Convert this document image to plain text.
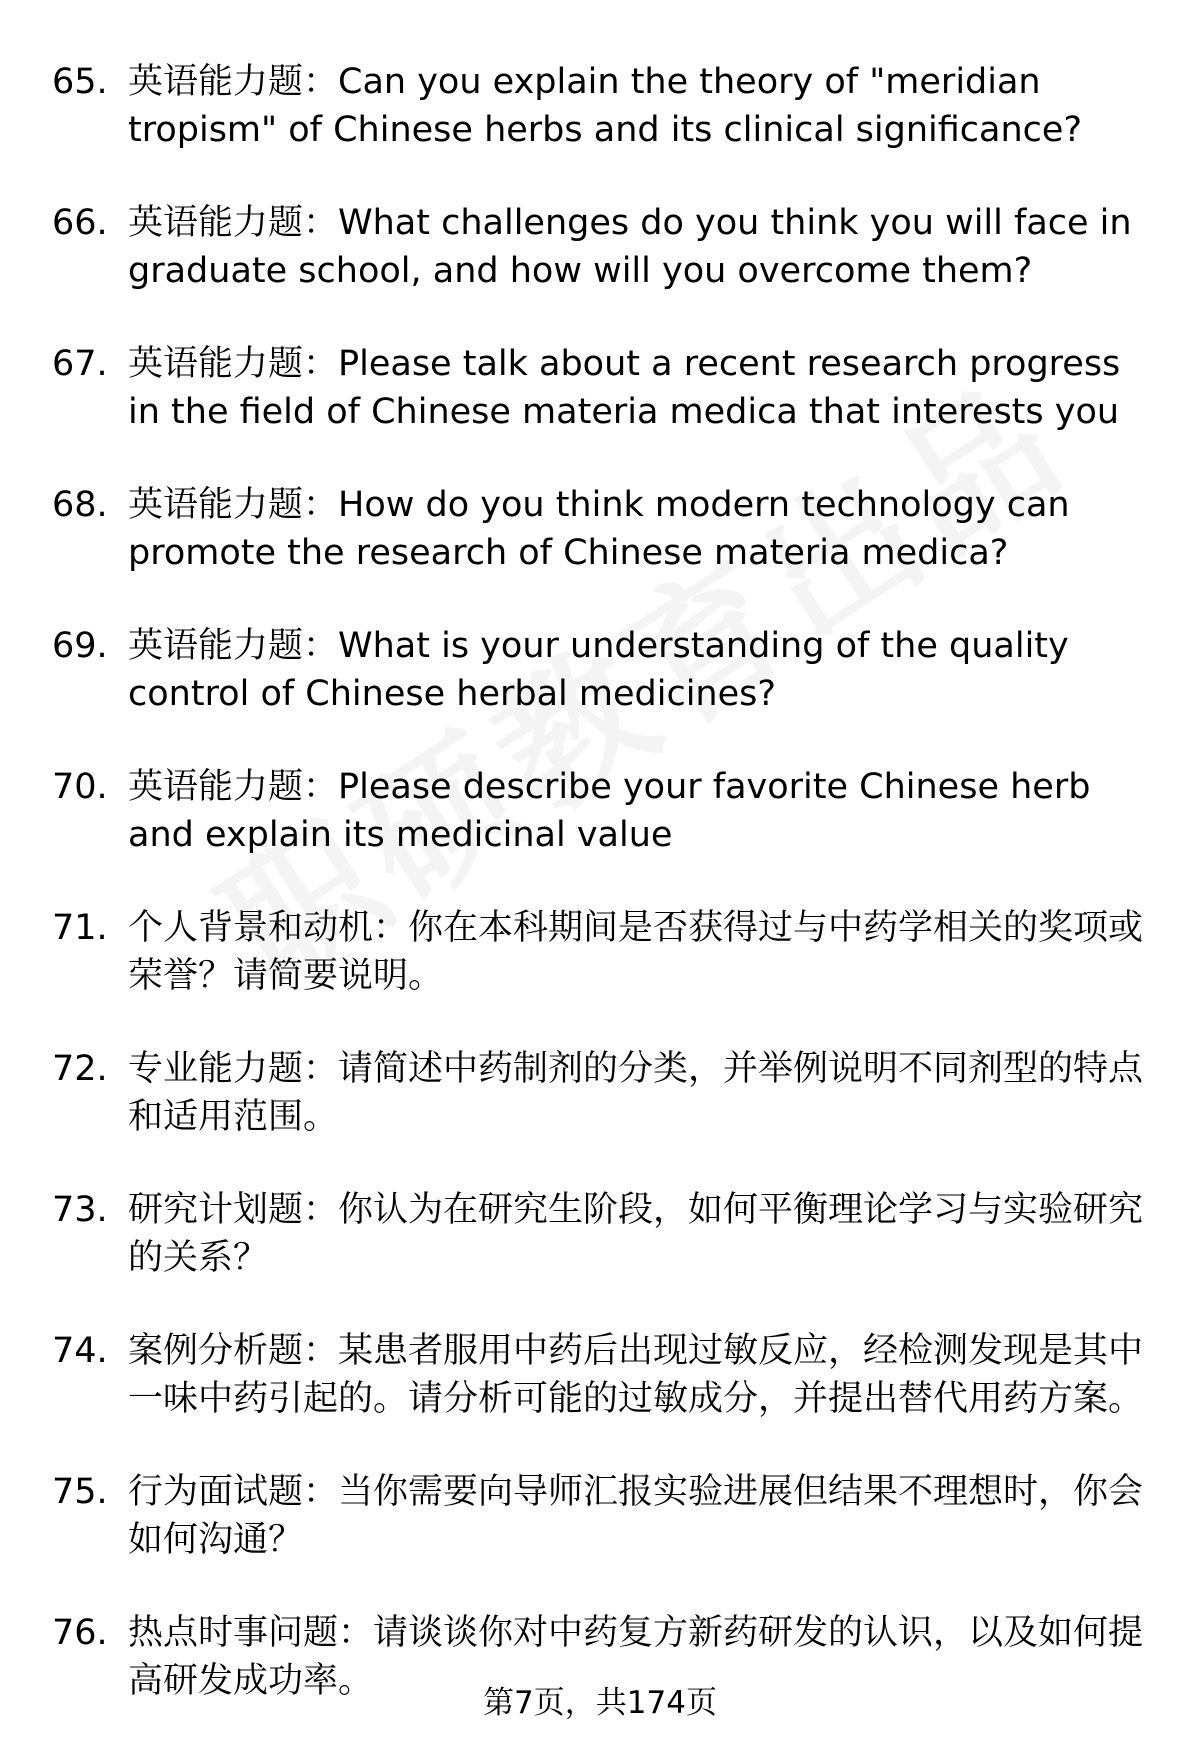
65. 英语能力题：Can you explain the theory of "meridian tropism" of Chinese herbs and its clinical significance?
66. 英语能力题：What challenges do you think you will face in graduate school, and how will you overcome them?
67. 英语能力题：Please talk about a recent research progress in the field of Chinese materia medica that interests you
68. 英语能力题：How do you think modern technology can promote the research of Chinese materia medica?
69. 英语能力题：What is your understanding of the quality control of Chinese herbal medicines?
70. 英语能力题：Please describe your favorite Chinese herb and explain its medicinal value
71. 个人背景和动机：你在本科期间是否获得过与中药学相关的奖项或荣誉？请简要说明。
72. 专业能力题：请简述中药制剂的分类，并举例说明不同剂型的特点和适用范围。
73. 研究计划题：你认为在研究生阶段，如何平衡理论学习与实验研究的关系？
74. 案例分析题：某患者服用中药后出现过敏反应，经检测发现是其中一味中药引起的。请分析可能的过敏成分，并提出替代用药方案。
75. 行为面试题：当你需要向导师汇报实验进展但结果不理想时，你会如何沟通？
76. 热点时事问题：请谈谈你对中药复方新药研发的认识，以及如何提高研发成功率。
第7页，共174页
